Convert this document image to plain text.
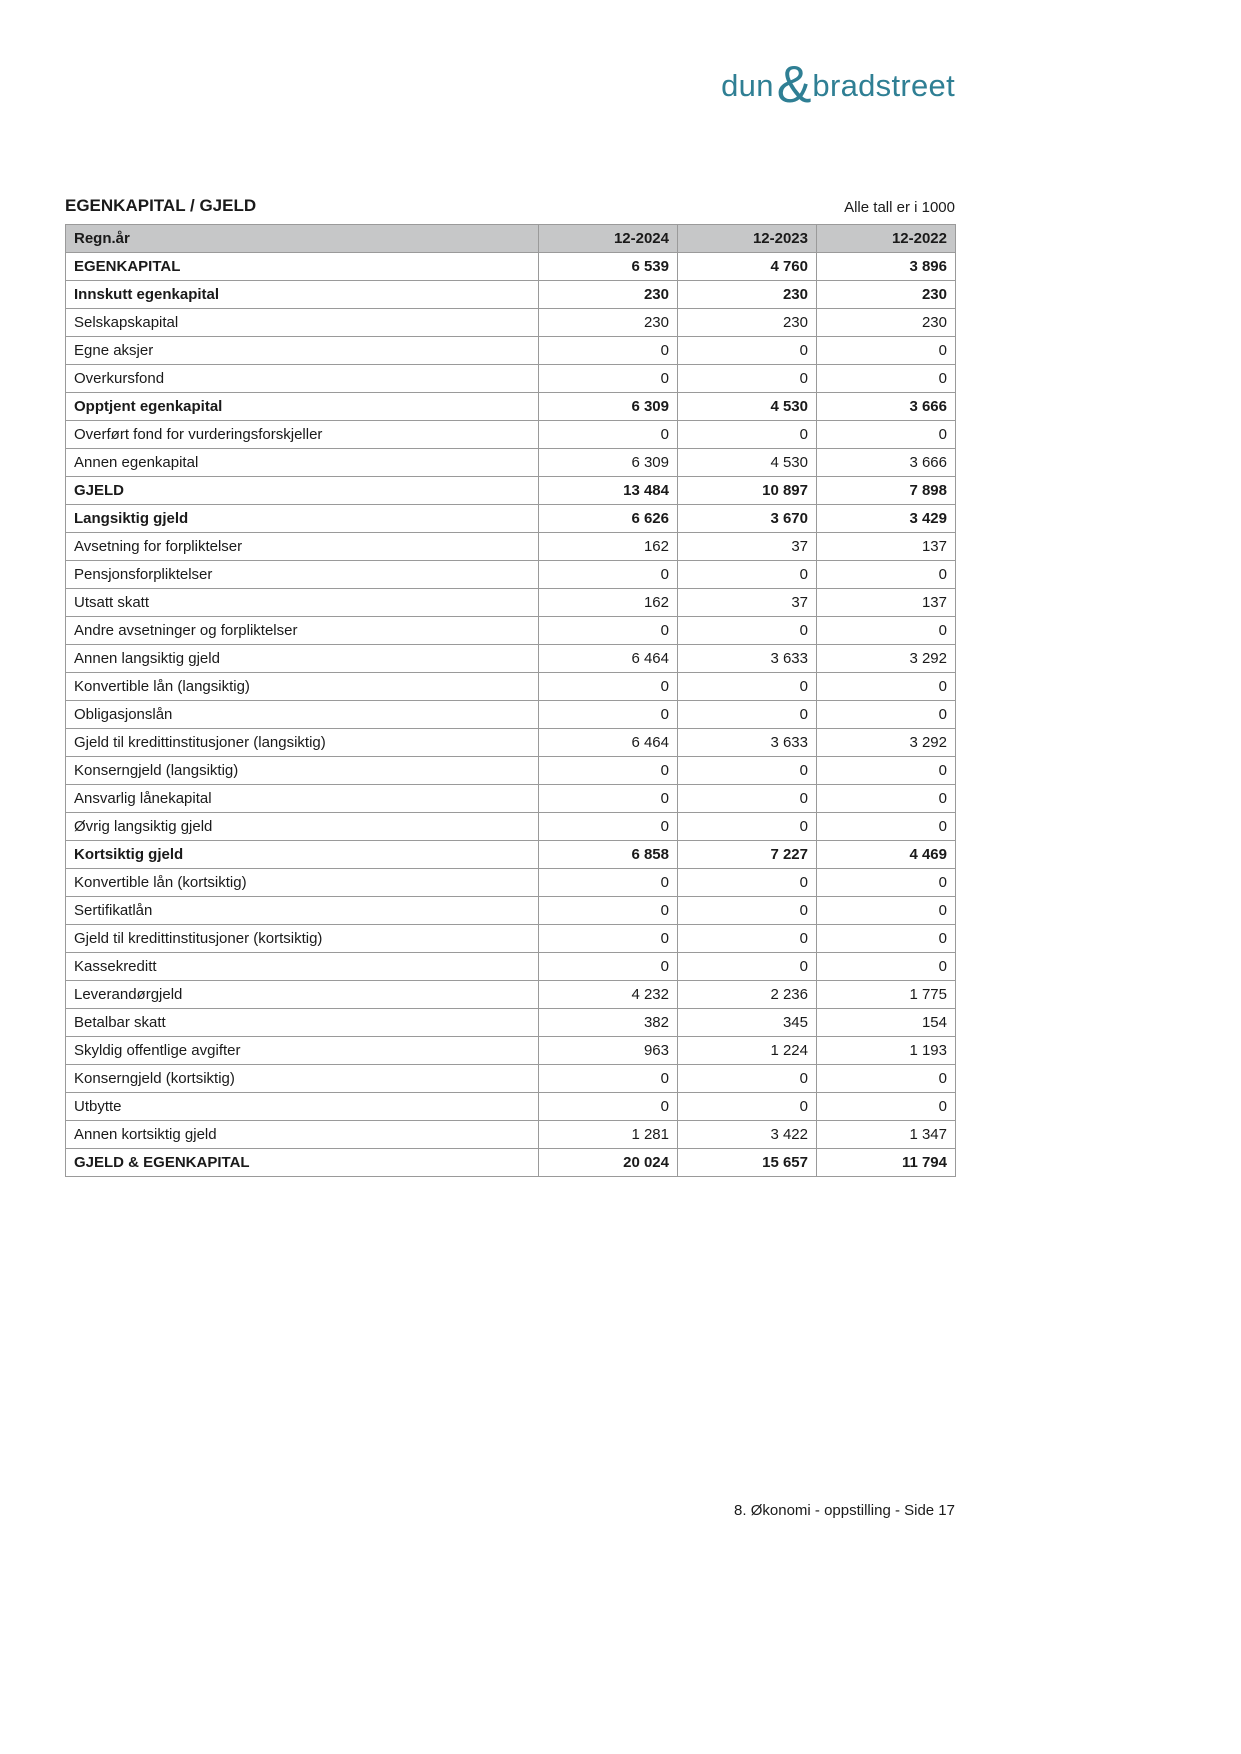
dun & bradstreet
EGENKAPITAL / GJELD	Alle tall er i 1000
Regn.år	12-2024	12-2023	12-2022
EGENKAPITAL	6 539	4 760	3 896
Innskutt egenkapital	230	230	230
Selskapskapital	230	230	230
Egne aksjer	0	0	0
Overkursfond	0	0	0
Opptjent egenkapital	6 309	4 530	3 666
Overført fond for vurderingsforskjeller	0	0	0
Annen egenkapital	6 309	4 530	3 666
GJELD	13 484	10 897	7 898
Langsiktig gjeld	6 626	3 670	3 429
Avsetning for forpliktelser	162	37	137
Pensjonsforpliktelser	0	0	0
Utsatt skatt	162	37	137
Andre avsetninger og forpliktelser	0	0	0
Annen langsiktig gjeld	6 464	3 633	3 292
Konvertible lån (langsiktig)	0	0	0
Obligasjonslån	0	0	0
Gjeld til kredittinstitusjoner (langsiktig)	6 464	3 633	3 292
Konserngjeld (langsiktig)	0	0	0
Ansvarlig lånekapital	0	0	0
Øvrig langsiktig gjeld	0	0	0
Kortsiktig gjeld	6 858	7 227	4 469
Konvertible lån (kortsiktig)	0	0	0
Sertifikatlån	0	0	0
Gjeld til kredittinstitusjoner (kortsiktig)	0	0	0
Kassekreditt	0	0	0
Leverandørgjeld	4 232	2 236	1 775
Betalbar skatt	382	345	154
Skyldig offentlige avgifter	963	1 224	1 193
Konserngjeld (kortsiktig)	0	0	0
Utbytte	0	0	0
Annen kortsiktig gjeld	1 281	3 422	1 347
GJELD & EGENKAPITAL	20 024	15 657	11 794
8. Økonomi - oppstilling - Side 17
